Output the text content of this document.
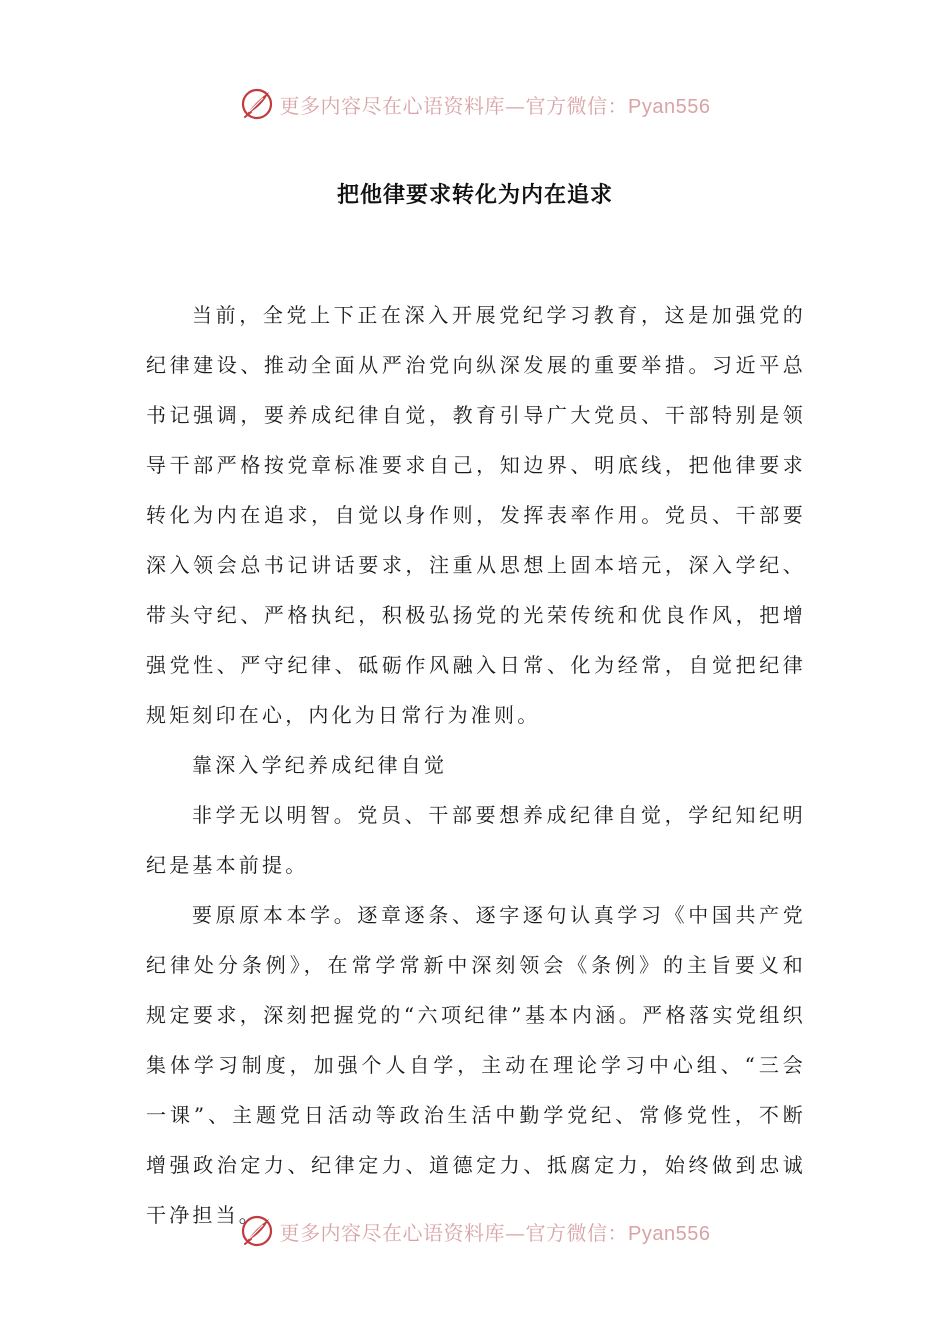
更多内容尽在心语资料库—官方微信：Pyan556
把他律要求转化为内在追求

当前，全党上下正在深入开展党纪学习教育，这是加强党的纪律建设、推动全面从严治党向纵深发展的重要举措。习近平总书记强调，要养成纪律自觉，教育引导广大党员、干部特别是领导干部严格按党章标准要求自己，知边界、明底线，把他律要求转化为内在追求，自觉以身作则，发挥表率作用。党员、干部要深入领会总书记讲话要求，注重从思想上固本培元，深入学纪、带头守纪、严格执纪，积极弘扬党的光荣传统和优良作风，把增强党性、严守纪律、砥砺作风融入日常、化为经常，自觉把纪律规矩刻印在心，内化为日常行为准则。

靠深入学纪养成纪律自觉

非学无以明智。党员、干部要想养成纪律自觉，学纪知纪明纪是基本前提。

要原原本本学。逐章逐条、逐字逐句认真学习《中国共产党纪律处分条例》，在常学常新中深刻领会《条例》的主旨要义和规定要求，深刻把握党的“六项纪律”基本内涵。严格落实党组织集体学习制度，加强个人自学，主动在理论学习中心组、“三会一课”、主题党日活动等政治生活中勤学党纪、常修党性，不断增强政治定力、纪律定力、道德定力、抵腐定力，始终做到忠诚干净担当。

更多内容尽在心语资料库—官方微信：Pyan556
